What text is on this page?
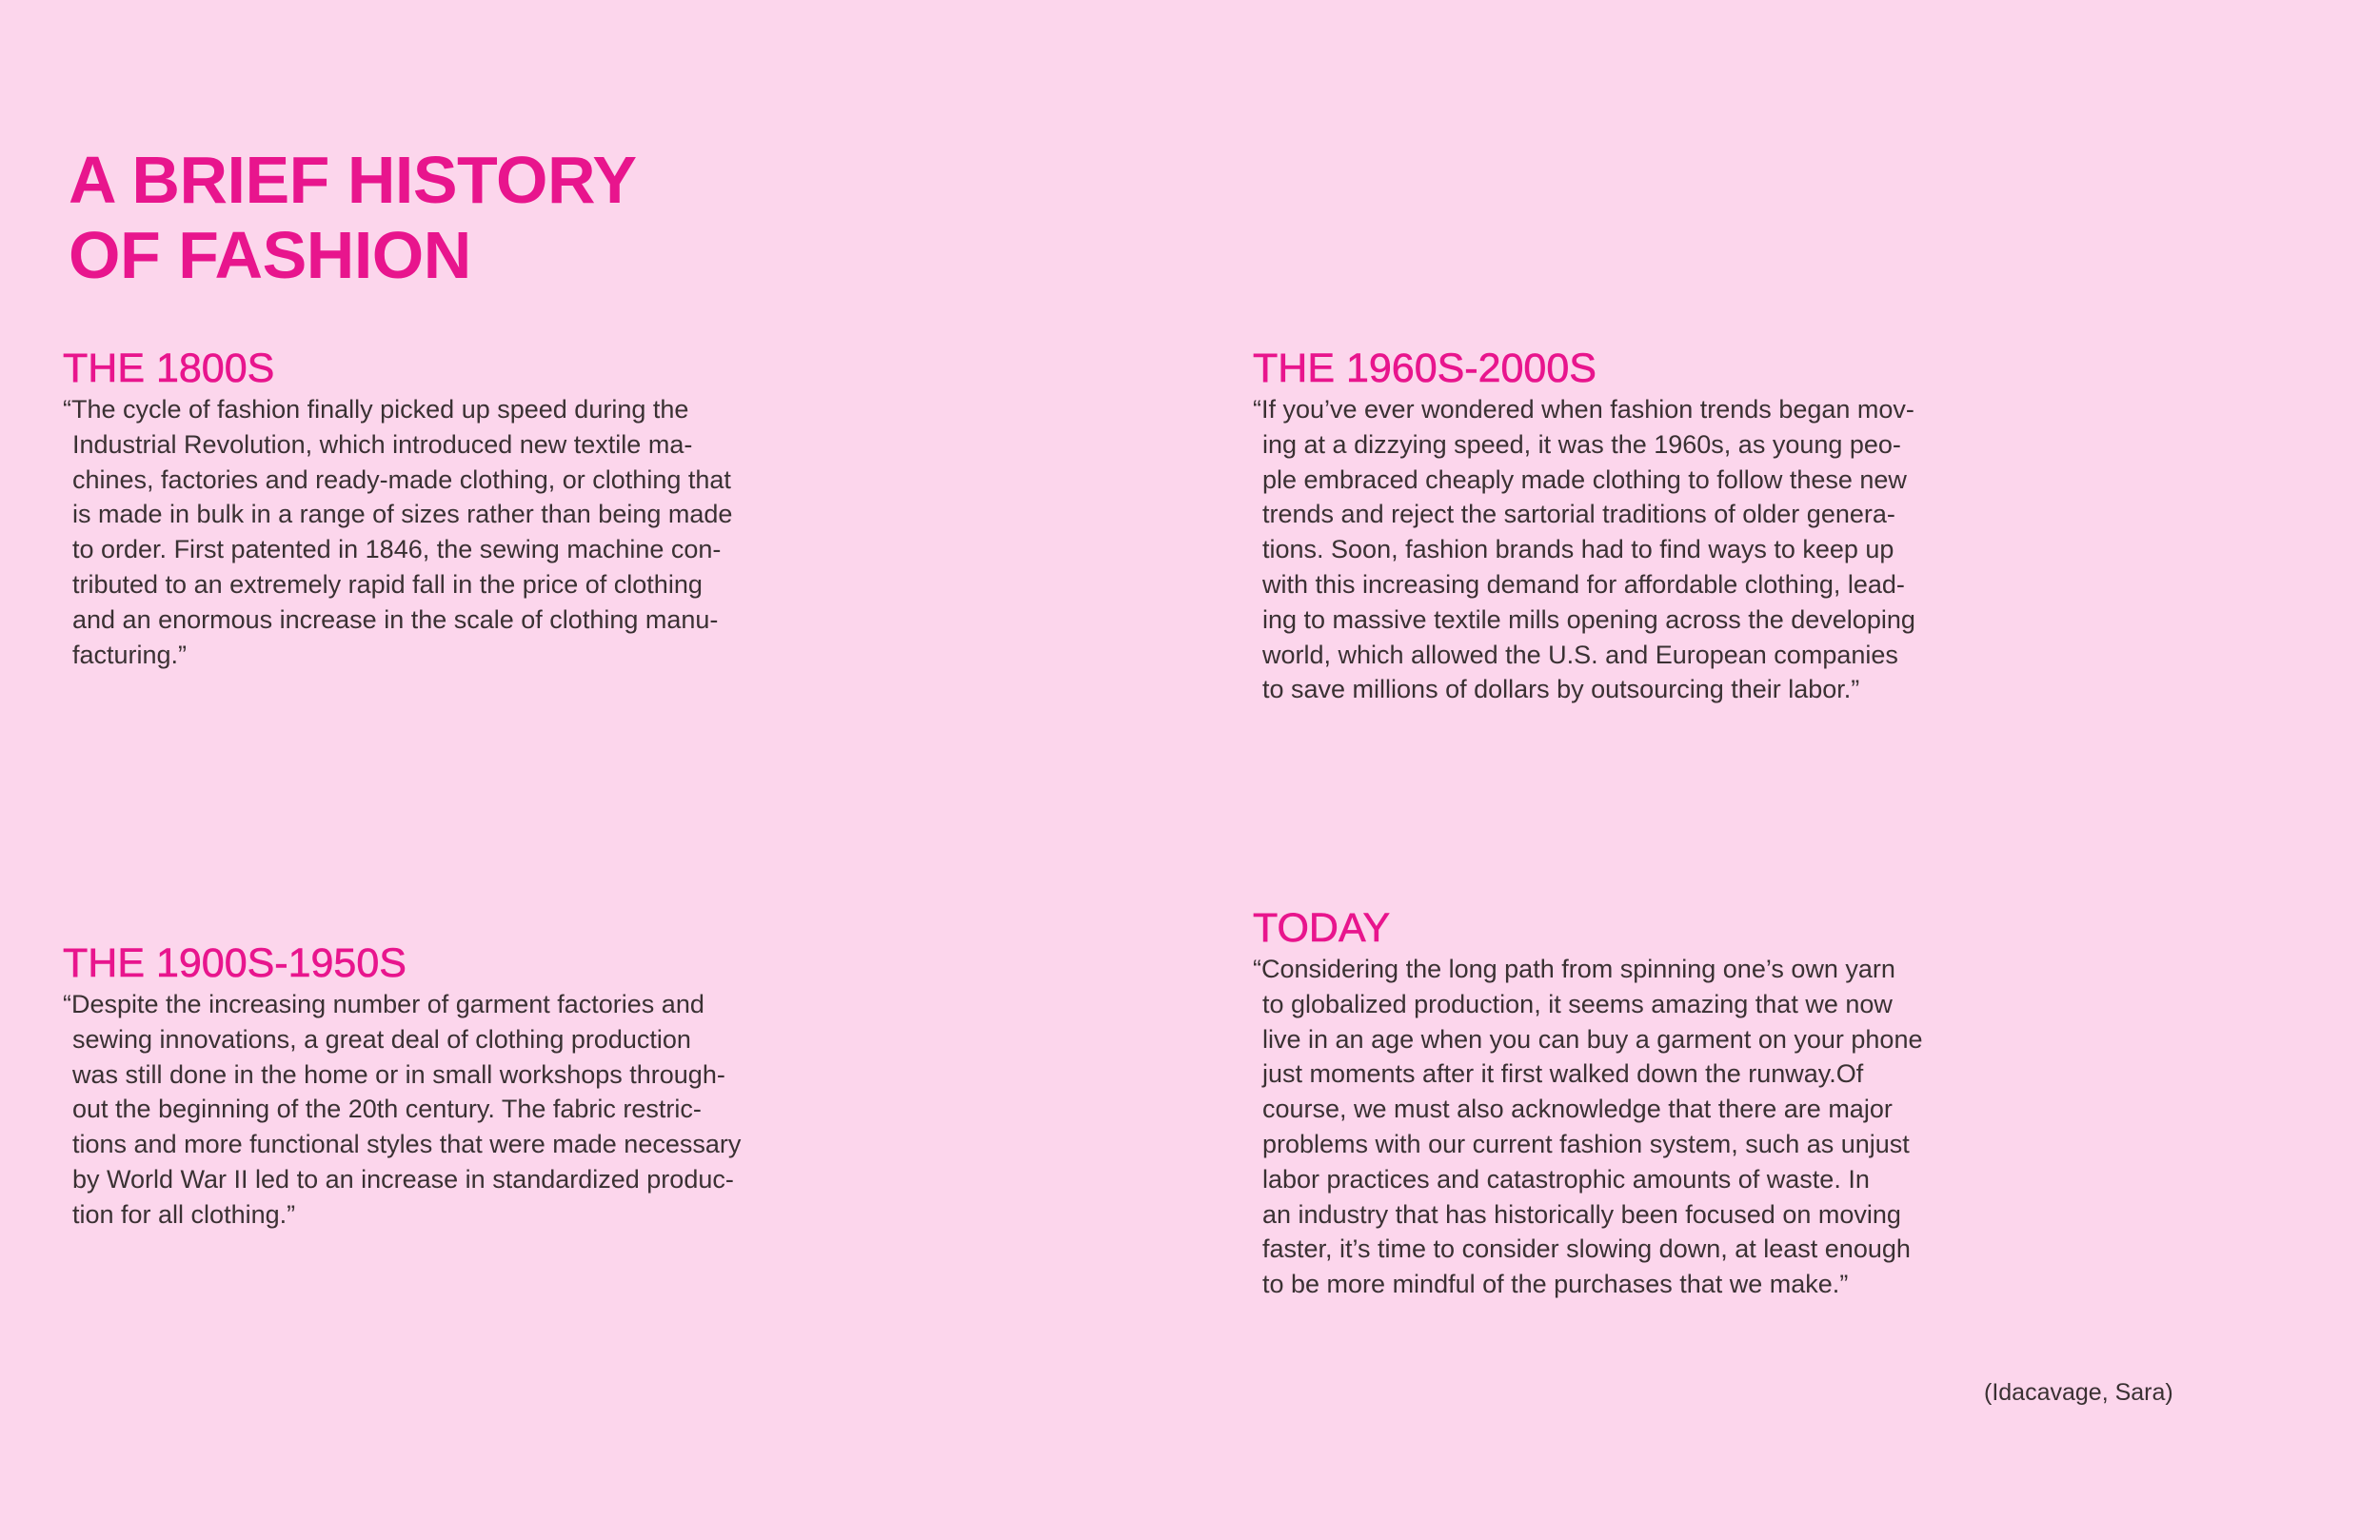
A BRIEF HISTORY
OF FASHION
THE 1800S

“The cycle of fashion finally picked up speed during the
Industrial Revolution, which introduced new textile ma-
chines, factories and ready-made clothing, or clothing that
is made in bulk in a range of sizes rather than being made
to order. First patented in 1846, the sewing machine con-
tributed to an extremely rapid fall in the price of clothing
and an enormous increase in the scale of clothing manu-
facturing.”

THE 1960S-2000S

“If you’ve ever wondered when fashion trends began mov-
ing at a dizzying speed, it was the 1960s, as young peo-
ple embraced cheaply made clothing to follow these new
trends and reject the sartorial traditions of older genera-
tions. Soon, fashion brands had to find ways to keep up
with this increasing demand for affordable clothing, lead-
ing to massive textile mills opening across the developing
world, which allowed the U.S. and European companies
to save millions of dollars by outsourcing their labor.”

THE 1900S-1950S

“Despite the increasing number of garment factories and
sewing innovations, a great deal of clothing production
was still done in the home or in small workshops through-
out the beginning of the 20th century. The fabric restric-
tions and more functional styles that were made necessary
by World War II led to an increase in standardized produc-
tion for all clothing.”

TODAY

“Considering the long path from spinning one’s own yarn
to globalized production, it seems amazing that we now
live in an age when you can buy a garment on your phone
just moments after it first walked down the runway.Of
course, we must also acknowledge that there are major
problems with our current fashion system, such as unjust
labor practices and catastrophic amounts of waste. In
an industry that has historically been focused on moving
faster, it’s time to consider slowing down, at least enough
to be more mindful of the purchases that we make.”

(Idacavage, Sara)
